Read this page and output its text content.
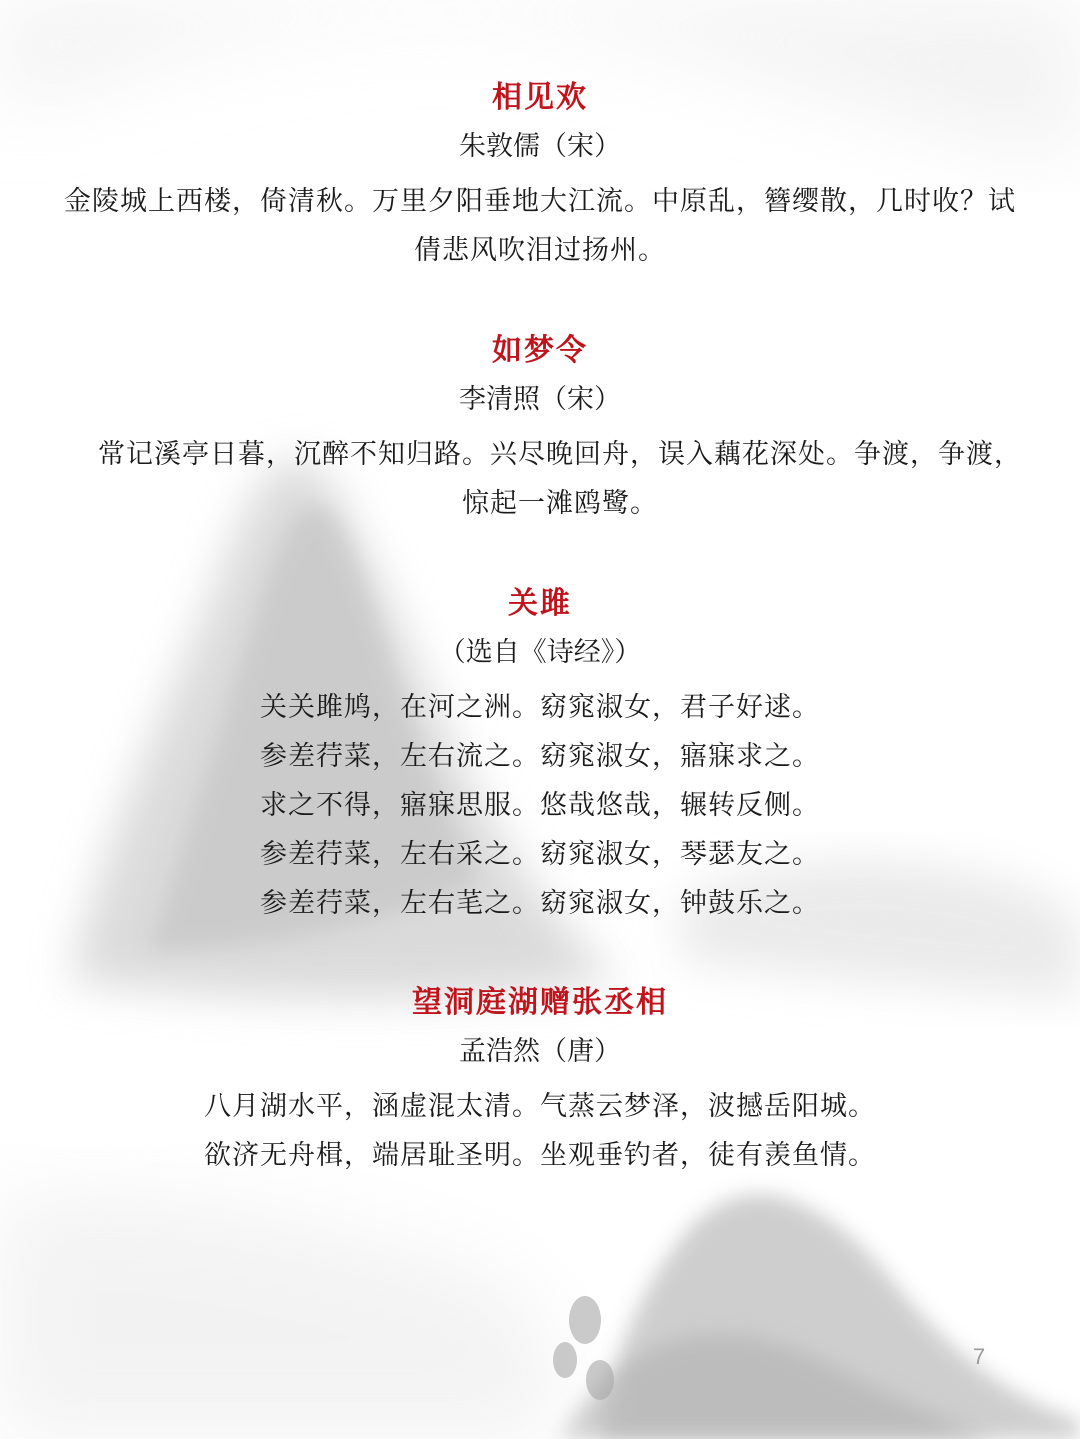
相见欢
朱敦儒（宋）
金陵城上西楼，倚清秋。万里夕阳垂地大江流。中原乱，簪缨散，几时收？试倩悲风吹泪过扬州。
如梦令
李清照（宋）
常记溪亭日暮，沉醉不知归路。兴尽晚回舟，误入藕花深处。争渡，争渡，惊起一滩鸥鹭。
关雎
（选自《诗经》）
关关雎鸠，在河之洲。窈窕淑女，君子好逑。
参差荇菜，左右流之。窈窕淑女，寤寐求之。
求之不得，寤寐思服。悠哉悠哉，辗转反侧。
参差荇菜，左右采之。窈窕淑女，琴瑟友之。
参差荇菜，左右芼之。窈窕淑女，钟鼓乐之。
望洞庭湖赠张丞相
孟浩然（唐）
八月湖水平，涵虚混太清。气蒸云梦泽，波撼岳阳城。
欲济无舟楫，端居耻圣明。坐观垂钓者，徒有羡鱼情。
7
